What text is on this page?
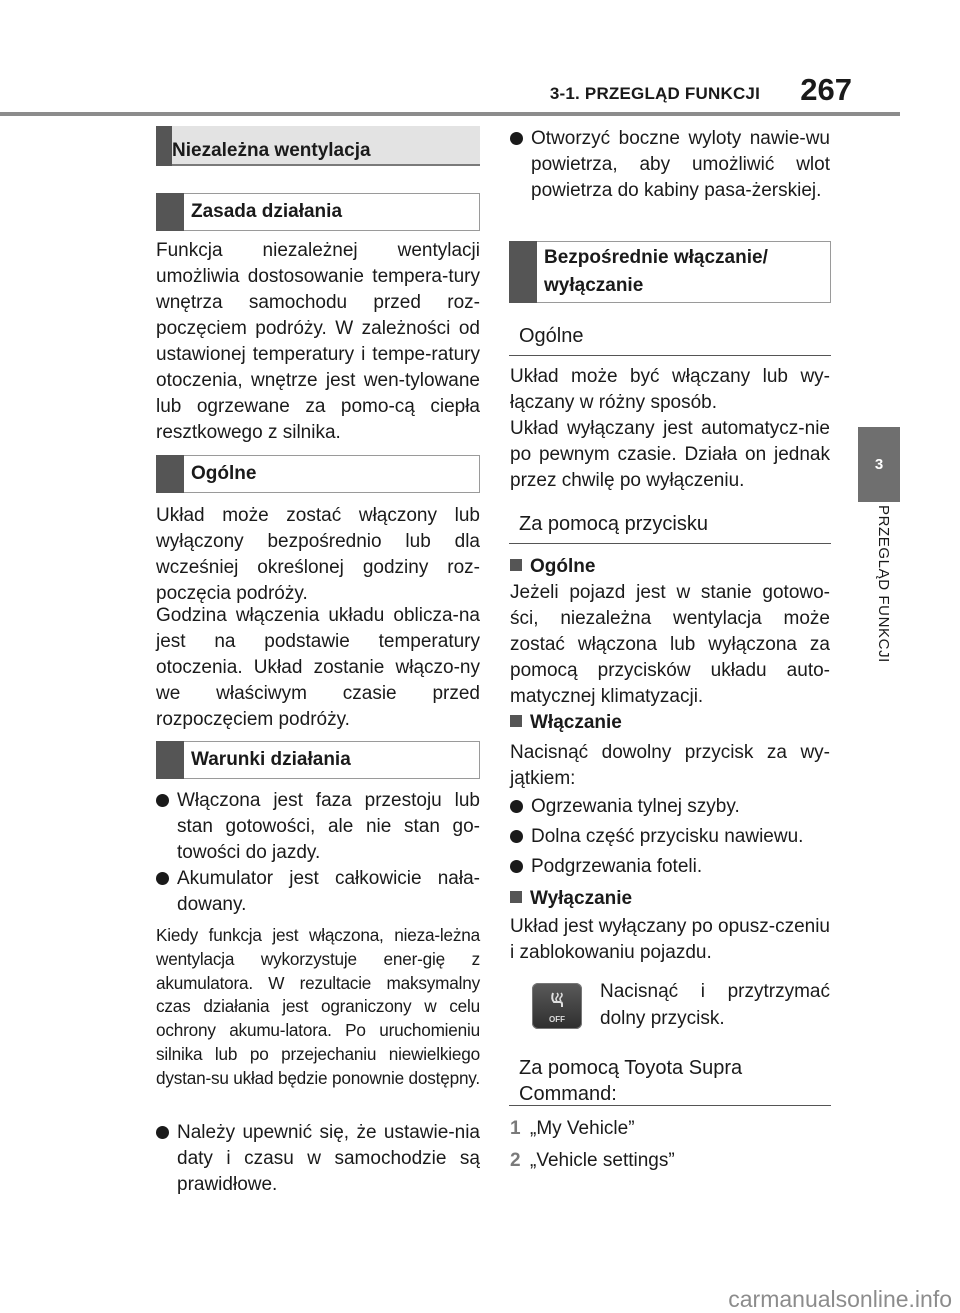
3-1. PRZEGLĄD FUNKCJI	267
3
PRZEGLĄD FUNKCJI
Niezależna wentylacja
Zasada działania
Funkcja niezależnej wentylacji umożliwia dostosowanie tempera-tury wnętrza samochodu przed roz-poczęciem podróży. W zależności od ustawionej temperatury i tempe-ratury otoczenia, wnętrze jest wen-tylowane lub ogrzewane za pomo-cą ciepła resztkowego z silnika.
Ogólne
Układ może zostać włączony lub wyłączony bezpośrednio lub dla wcześniej określonej godziny roz-poczęcia podróży.
Godzina włączenia układu oblicza-na jest na podstawie temperatury otoczenia. Układ zostanie włączo-ny we właściwym czasie przed rozpoczęciem podróży.
Warunki działania
Włączona jest faza przestoju lub stan gotowości, ale nie stan go-towości do jazdy.
Akumulator jest całkowicie nała-dowany.
Kiedy funkcja jest włączona, nieza-leżna wentylacja wykorzystuje ener-gię z akumulatora. W rezultacie maksymalny czas działania jest ograniczony w celu ochrony akumu-latora. Po uruchomieniu silnika lub po przejechaniu niewielkiego dystan-su układ będzie ponownie dostępny.
Należy upewnić się, że ustawie-nia daty i czasu w samochodzie są prawidłowe.
Otworzyć boczne wyloty nawie-wu powietrza, aby umożliwić wlot powietrza do kabiny pasa-żerskiej.
Bezpośrednie włączanie/ wyłączanie
Ogólne
Układ może być włączany lub wy-łączany w różny sposób.
Układ wyłączany jest automatycz-nie po pewnym czasie. Działa on jednak przez chwilę po wyłączeniu.
Za pomocą przycisku
Ogólne
Jeżeli pojazd jest w stanie gotowo-ści, niezależna wentylacja może zostać włączona lub wyłączona za pomocą przycisków układu auto-matycznej klimatyzacji.
Włączanie
Nacisnąć dowolny przycisk za wy-jątkiem:
Ogrzewania tylnej szyby.
Dolna część przycisku nawiewu.
Podgrzewania foteli.
Wyłączanie
Układ jest wyłączany po opusz-czeniu i zablokowaniu pojazdu.
OFF
Nacisnąć i przytrzymać dolny przycisk.
Za pomocą Toyota Supra Command:
1 „My Vehicle”
2 „Vehicle settings”
carmanualsonline.info
